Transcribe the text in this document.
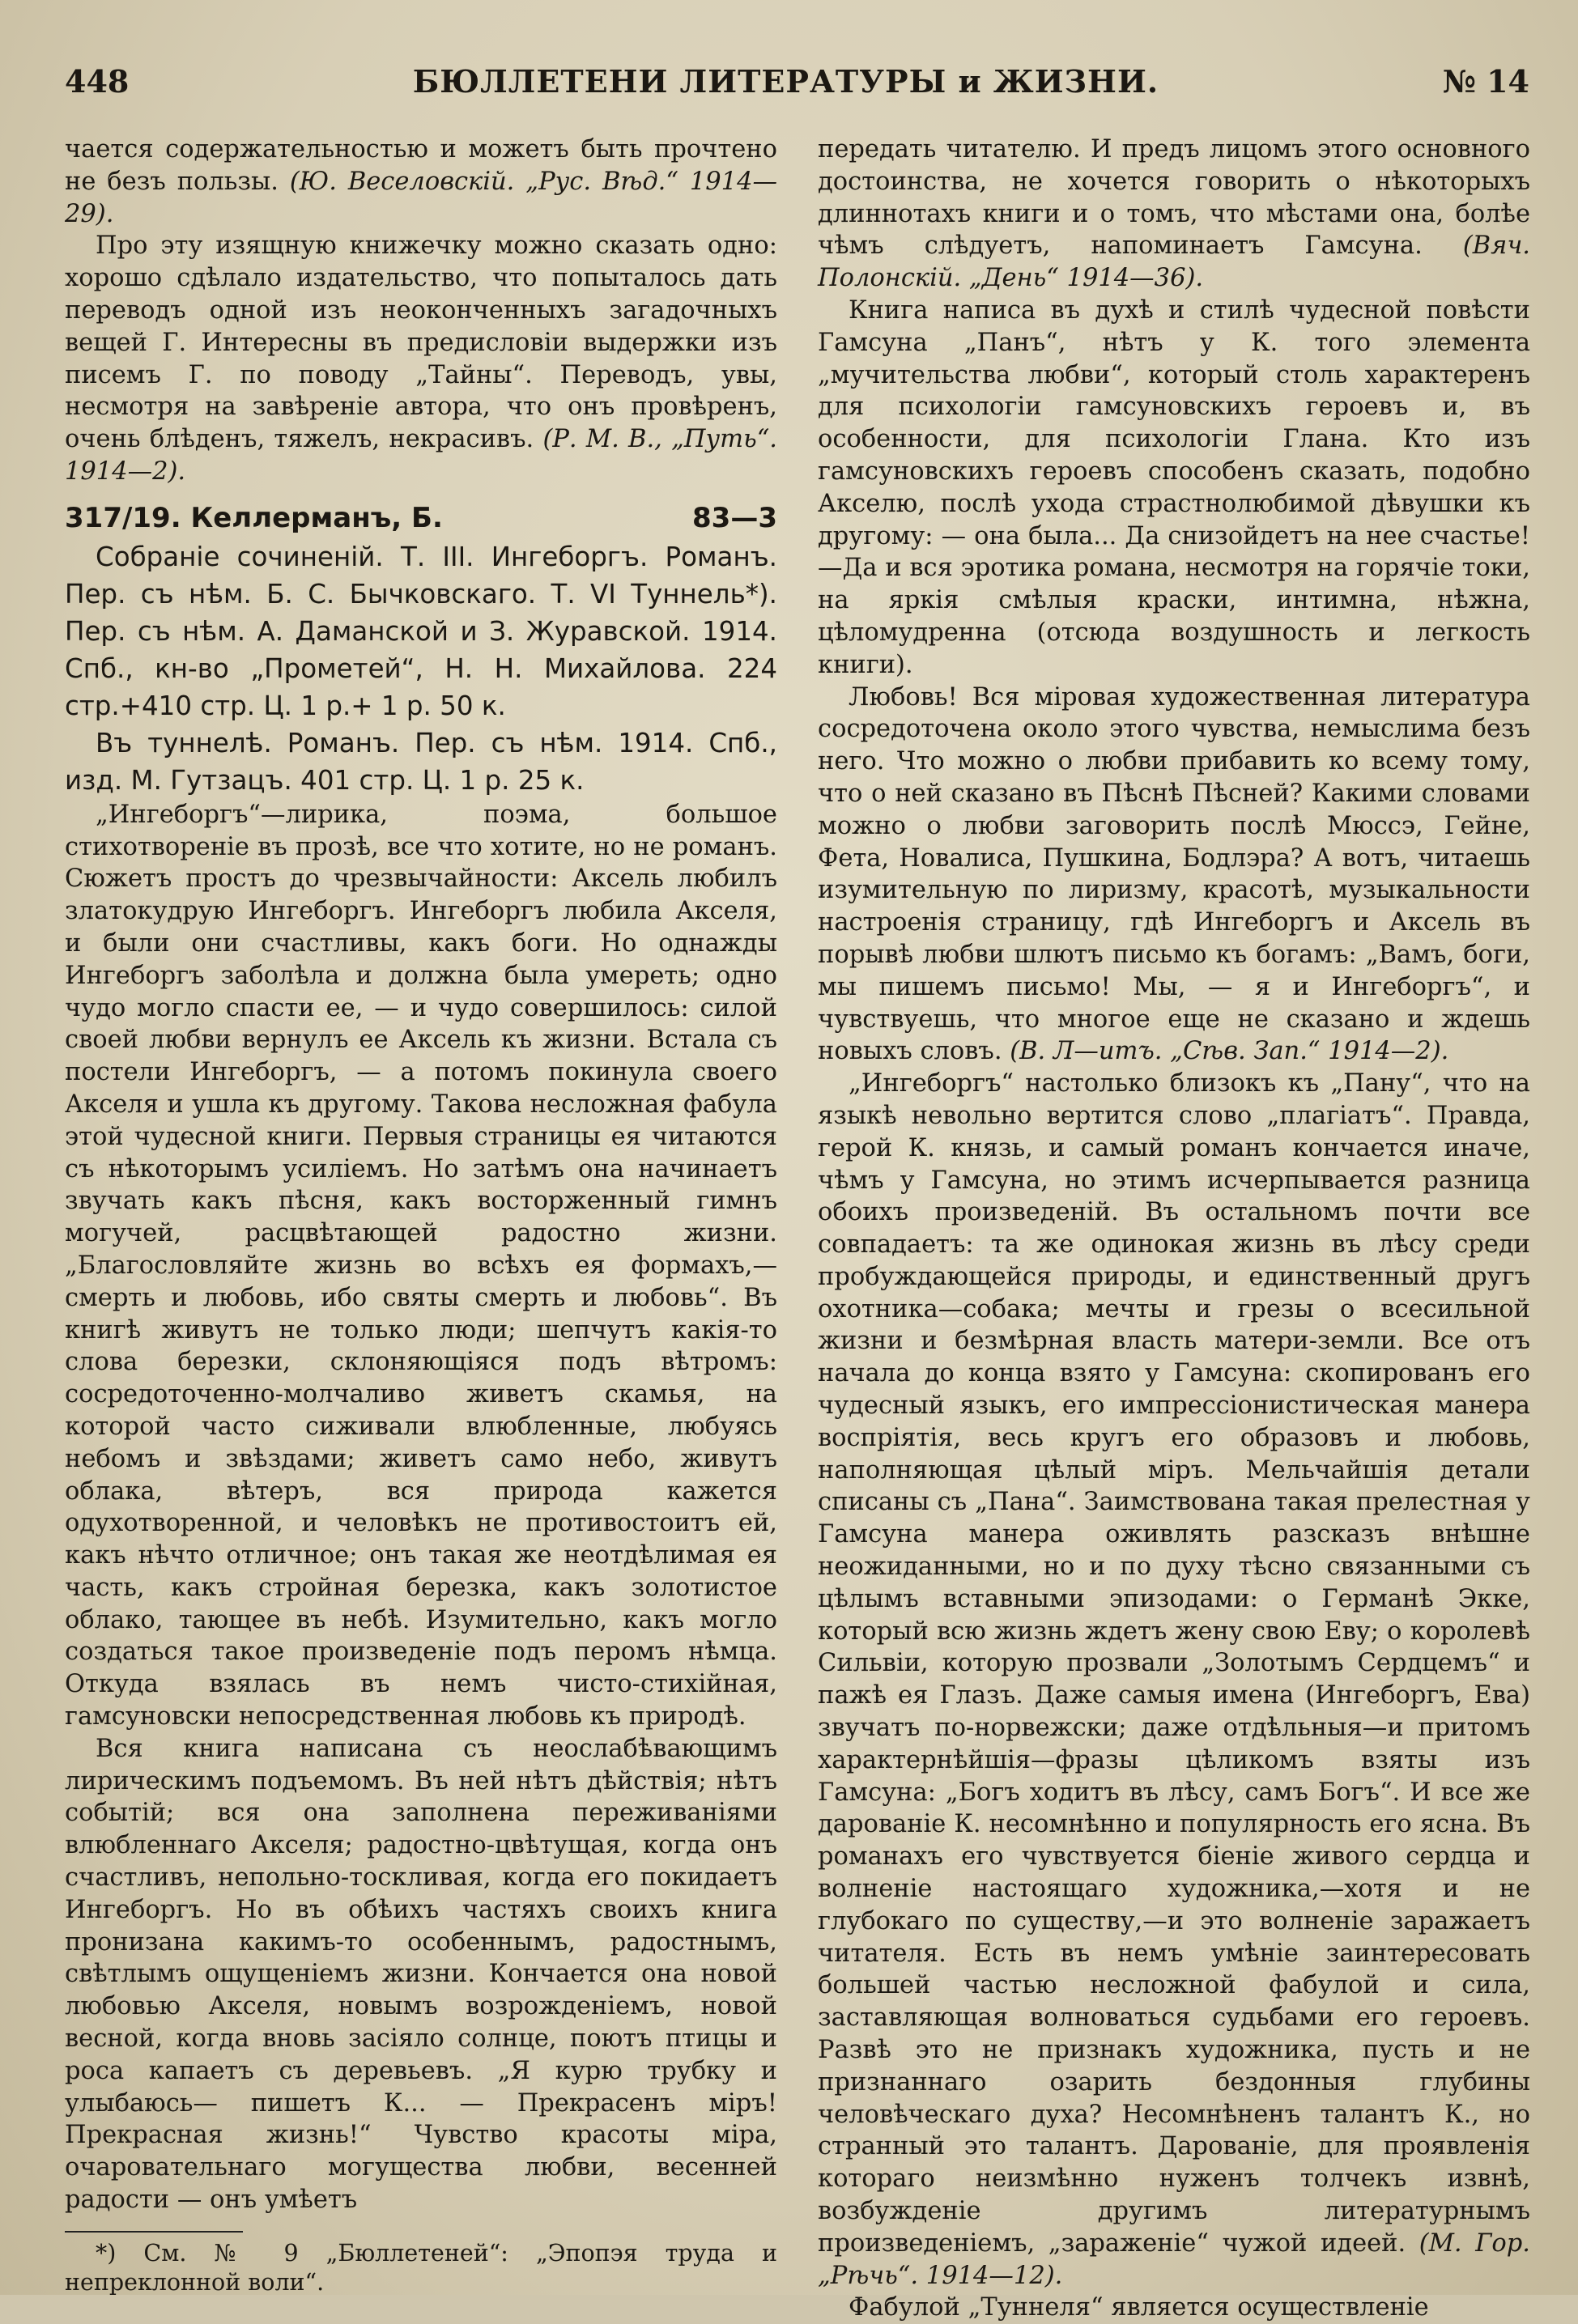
448	БЮЛЛЕТЕНИ ЛИТЕРАТУРЫ и ЖИЗНИ.	№ 14

чается содержательностью и можетъ быть прочтено не безъ пользы. (Ю. Веселовскій. „Рус. Вѣд.“ 1914—29).

Про эту изящную книжечку можно сказать одно: хорошо сдѣлало издательство, что попыталось дать переводъ одной изъ неоконченныхъ загадочныхъ вещей Г. Интересны въ предисловіи выдержки изъ писемъ Г. по поводу „Тайны“. Переводъ, увы, несмотря на завѣреніе автора, что онъ провѣренъ, очень блѣденъ, тяжелъ, некрасивъ. (Р. М. В., „Путь“. 1914—2).

317/19. Келлерманъ, Б.	83—3

Собраніе сочиненій. Т. III. Ингеборгъ. Романъ. Пер. съ нѣм. Б. С. Бычковскаго. Т. VI Туннель*). Пер. съ нѣм. А. Даманской и З. Журавской. 1914. Спб., кн-во „Прометей“, Н. Н. Михайлова. 224 стр.+410 стр. Ц. 1 р.+ 1 р. 50 к.

Въ туннелѣ. Романъ. Пер. съ нѣм. 1914. Спб., изд. М. Гутзацъ. 401 стр. Ц. 1 р. 25 к.

„Ингеборгъ“—лирика, поэма, большое стихотвореніе въ прозѣ, все что хотите, но не романъ. Сюжетъ простъ до чрезвычайности: Аксель любилъ златокудрую Ингеборгъ. Ингеборгъ любила Акселя, и были они счастливы, какъ боги. Но однажды Ингеборгъ заболѣла и должна была умереть; одно чудо могло спасти ее, — и чудо совершилось: силой своей любви вернулъ ее Аксель къ жизни. Встала съ постели Ингеборгъ, — а потомъ покинула своего Акселя и ушла къ другому. Такова несложная фабула этой чудесной книги. Первыя страницы ея читаются съ нѣкоторымъ усиліемъ. Но затѣмъ она начинаетъ звучать какъ пѣсня, какъ восторженный гимнъ могучей, расцвѣтающей радостно жизни. „Благословляйте жизнь во всѣхъ ея формахъ,—смерть и любовь, ибо святы смерть и любовь“. Въ книгѣ живутъ не только люди; шепчутъ какія-то слова березки, склоняющіяся подъ вѣтромъ: сосредоточенно-молчаливо живетъ скамья, на которой часто сиживали влюбленные, любуясь небомъ и звѣздами; живетъ само небо, живутъ облака, вѣтеръ, вся природа кажется одухотворенной, и человѣкъ не противостоитъ ей, какъ нѣчто отличное; онъ такая же неотдѣлимая ея часть, какъ стройная березка, какъ золотистое облако, тающее въ небѣ. Изумительно, какъ могло создаться такое произведеніе подъ перомъ нѣмца. Откуда взялась въ немъ чисто-стихійная, гамсуновски непосредственная любовь къ природѣ.

Вся книга написана съ неослабѣвающимъ лирическимъ подъемомъ. Въ ней нѣтъ дѣйствія; нѣтъ событій; вся она заполнена переживаніями влюбленнаго Акселя; радостно-цвѣтущая, когда онъ счастливъ, непольно-тоскливая, когда его покидаетъ Ингеборгъ. Но въ обѣихъ частяхъ своихъ книга пронизана какимъ-то особеннымъ, радостнымъ, свѣтлымъ ощущеніемъ жизни. Кончается она новой любовью Акселя, новымъ возрожденіемъ, новой весной, когда вновь засіяло солнце, поютъ птицы и роса капаетъ съ деревьевъ. „Я курю трубку и улыбаюсь— пишетъ К... — Прекрасенъ міръ! Прекрасная жизнь!“ Чувство красоты міра, очаровательнаго могущества любви, весенней радости — онъ умѣетъ

*) См. № 9 „Бюллетеней“: „Эпопэя труда и непреклонной воли“.

передать читателю. И предъ лицомъ этого основного достоинства, не хочется говорить о нѣкоторыхъ длиннотахъ книги и о томъ, что мѣстами она, болѣе чѣмъ слѣдуетъ, напоминаетъ Гамсуна. (Вяч. Полонскій. „День“ 1914—36).

Книга написа въ духѣ и стилѣ чудесной повѣсти Гамсуна „Панъ“, нѣтъ у К. того элемента „мучительства любви“, который столь характеренъ для психологіи гамсуновскихъ героевъ и, въ особенности, для психологіи Глана. Кто изъ гамсуновскихъ героевъ способенъ сказать, подобно Акселю, послѣ ухода страстнолюбимой дѣвушки къ другому: — она была... Да снизойдетъ на нее счастье! —Да и вся эротика романа, несмотря на горячіе токи, на яркія смѣлыя краски, интимна, нѣжна, цѣломудренна (отсюда воздушность и легкость книги).

Любовь! Вся міровая художественная литература сосредоточена около этого чувства, немыслима безъ него. Что можно о любви прибавить ко всему тому, что о ней сказано въ Пѣснѣ Пѣсней? Какими словами можно о любви заговорить послѣ Мюссэ, Гейне, Фета, Новалиса, Пушкина, Бодлэра? А вотъ, читаешь изумительную по лиризму, красотѣ, музыкальности настроенія страницу, гдѣ Ингеборгъ и Аксель въ порывѣ любви шлютъ письмо къ богамъ: „Вамъ, боги, мы пишемъ письмо! Мы, — я и Ингеборгъ“, и чувствуешь, что многое еще не сказано и ждешь новыхъ словъ. (В. Л—итъ. „Сѣв. Зап.“ 1914—2).

„Ингеборгъ“ настолько близокъ къ „Пану“, что на языкѣ невольно вертится слово „плагіатъ“. Правда, герой К. князь, и самый романъ кончается иначе, чѣмъ у Гамсуна, но этимъ исчерпывается разница обоихъ произведеній. Въ остальномъ почти все совпадаетъ: та же одинокая жизнь въ лѣсу среди пробуждающейся природы, и единственный другъ охотника—собака; мечты и грезы о всесильной жизни и безмѣрная власть матери-земли. Все отъ начала до конца взято у Гамсуна: скопированъ его чудесный языкъ, его импрессіонистическая манера воспріятія, весь кругъ его образовъ и любовь, наполняющая цѣлый міръ. Мельчайшія детали списаны съ „Пана“. Заимствована такая прелестная у Гамсуна манера оживлять разсказъ внѣшне неожиданными, но и по духу тѣсно связанными съ цѣлымъ вставными эпизодами: о Германѣ Экке, который всю жизнь ждетъ жену свою Еву; о королевѣ Сильвіи, которую прозвали „Золотымъ Сердцемъ“ и пажѣ ея Глазъ. Даже самыя имена (Ингеборгъ, Ева) звучатъ по-норвежски; даже отдѣльныя—и притомъ характернѣйшія—фразы цѣликомъ взяты изъ Гамсуна: „Богъ ходитъ въ лѣсу, самъ Богъ“. И все же дарованіе К. несомнѣнно и популярность его ясна. Въ романахъ его чувствуется біеніе живого сердца и волненіе настоящаго художника,—хотя и не глубокаго по существу,—и это волненіе заражаетъ читателя. Есть въ немъ умѣніе заинтересовать большей частью несложной фабулой и сила, заставляющая волноваться судьбами его героевъ. Развѣ это не признакъ художника, пусть и не признаннаго озарить бездонныя глубины человѣческаго духа? Несомнѣненъ талантъ К., но странный это талантъ. Дарованіе, для проявленія котораго неизмѣнно нуженъ толчекъ извнѣ, возбужденіе другимъ литературнымъ произведеніемъ, „зараженіе“ чужой идеей. (М. Гор. „Рѣчь“. 1914—12).

Фабулой „Туннеля“ является осуществленіе
